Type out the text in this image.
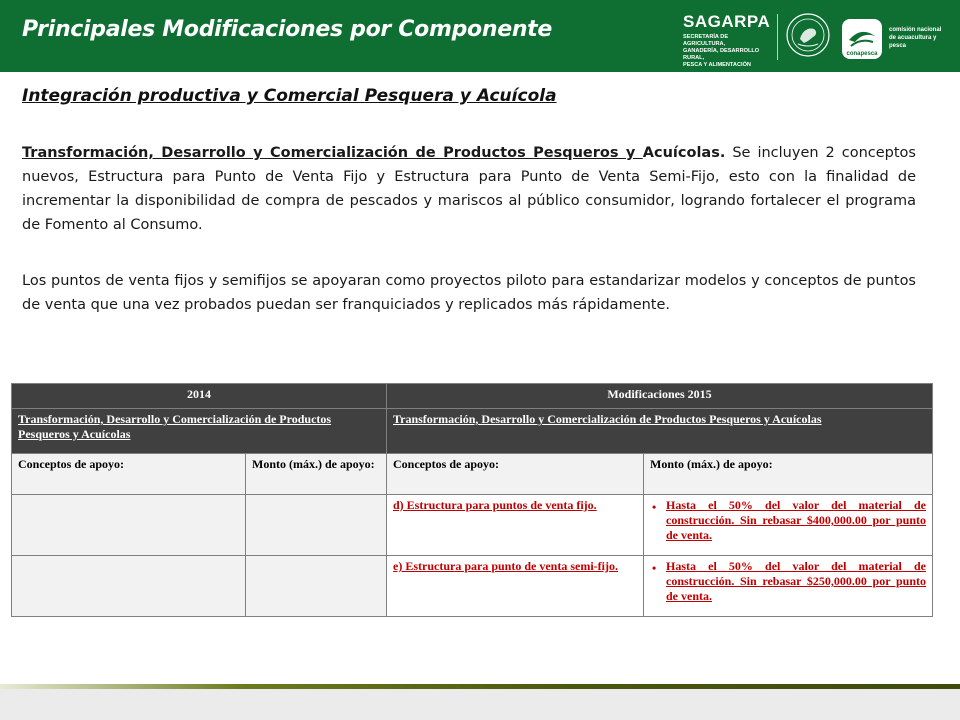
Principales Modificaciones por Componente	SAGARPA
SECRETARÍA DE AGRICULTURA,
GANADERÍA, DESARROLLO RURAL,
PESCA Y ALIMENTACIÓN
conapesca
comisión nacional
de acuacultura y pesca
Integración productiva y Comercial Pesquera y Acuícola
Transformación, Desarrollo y Comercialización de Productos Pesqueros y Acuícolas. Se incluyen 2 conceptos nuevos, Estructura para Punto de Venta Fijo y Estructura para Punto de Venta Semi-Fijo, esto con la finalidad de incrementar la disponibilidad de compra de pescados y mariscos al público consumidor, logrando fortalecer el programa de Fomento al Consumo.
Los puntos de venta fijos y semifijos se apoyaran como proyectos piloto para estandarizar modelos y conceptos de puntos de venta que una vez probados puedan ser franquiciados y replicados más rápidamente.
2014		Modificaciones 2015	
Transformación, Desarrollo y Comercialización de Productos Pesqueros y Acuícolas		Transformación, Desarrollo y Comercialización de Productos Pesqueros y Acuícolas	
Conceptos de apoyo:	Monto (máx.) de apoyo:	Conceptos de apoyo:	Monto (máx.) de apoyo:
		d) Estructura para puntos de venta fijo.	• Hasta el 50% del valor del material de construcción. Sin rebasar $400,000.00 por punto de venta.
		e) Estructura para punto de venta semi-fijo.	• Hasta el 50% del valor del material de construcción. Sin rebasar $250,000.00 por punto de venta.
